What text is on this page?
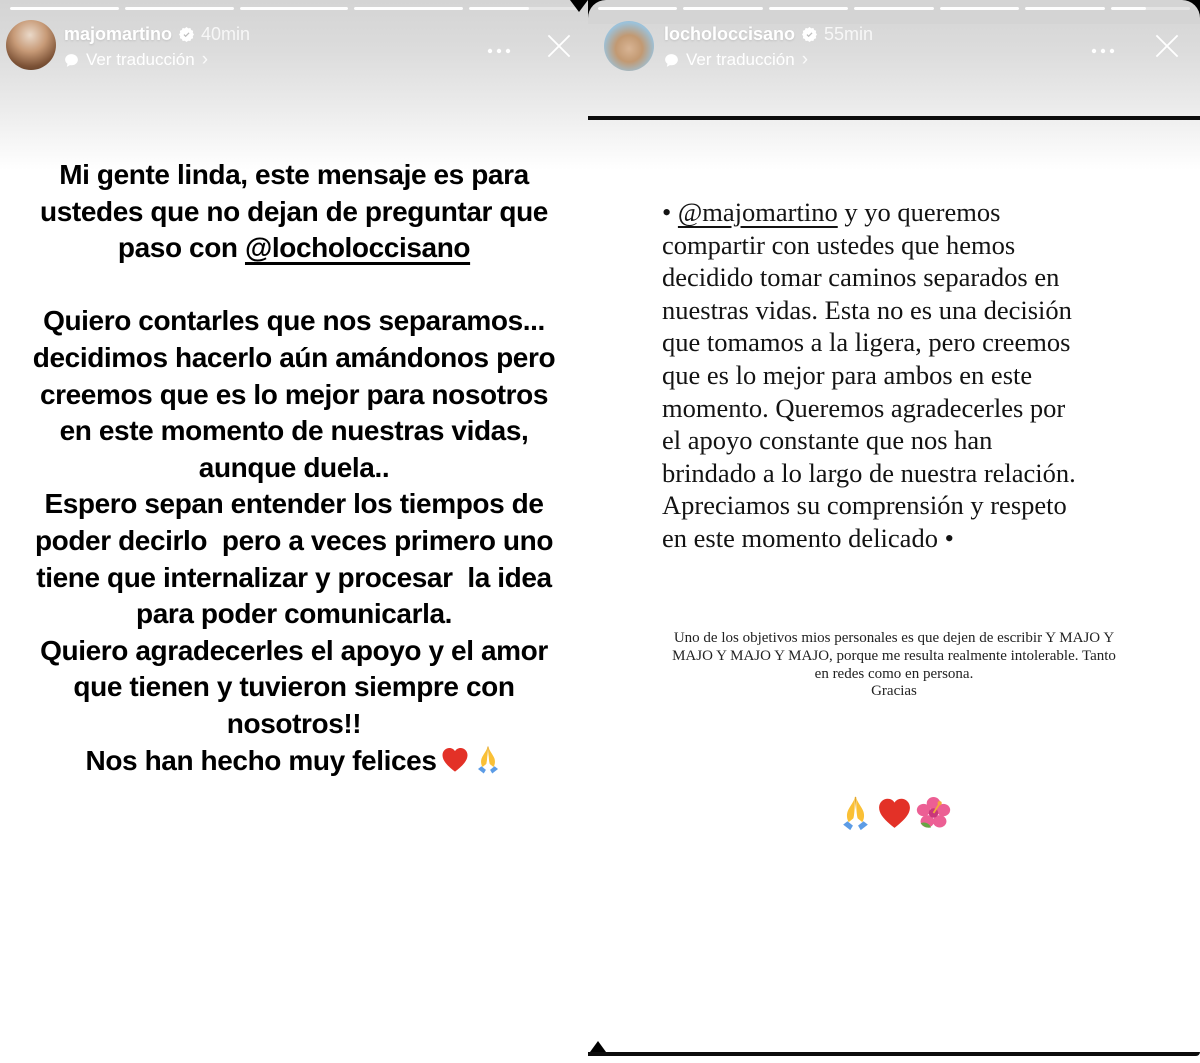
majomartino 40min
Ver traducción ›
Mi gente linda, este mensaje es para
ustedes que no dejan de preguntar que
paso con @locholoccisano

Quiero contarles que nos separamos...
decidimos hacerlo aún amándonos pero
creemos que es lo mejor para nosotros
en este momento de nuestras vidas,
aunque duela..
Espero sepan entender los tiempos de
poder decirlo  pero a veces primero uno
tiene que internalizar y procesar  la idea
para poder comunicarla.
Quiero agradecerles el apoyo y el amor
que tienen y tuvieron siempre con
nosotros!!
Nos han hecho muy felices
locholoccisano 55min
Ver traducción ›
• @majomartino y yo queremos
compartir con ustedes que hemos
decidido tomar caminos separados en
nuestras vidas. Esta no es una decisión
que tomamos a la ligera, pero creemos
que es lo mejor para ambos en este
momento. Queremos agradecerles por
el apoyo constante que nos han
brindado a lo largo de nuestra relación.
Apreciamos su comprensión y respeto
en este momento delicado •
Uno de los objetivos mios personales es que dejen de escribir Y MAJO Y
MAJO Y MAJO Y MAJO, porque me resulta realmente intolerable. Tanto
en redes como en persona.
Gracias
